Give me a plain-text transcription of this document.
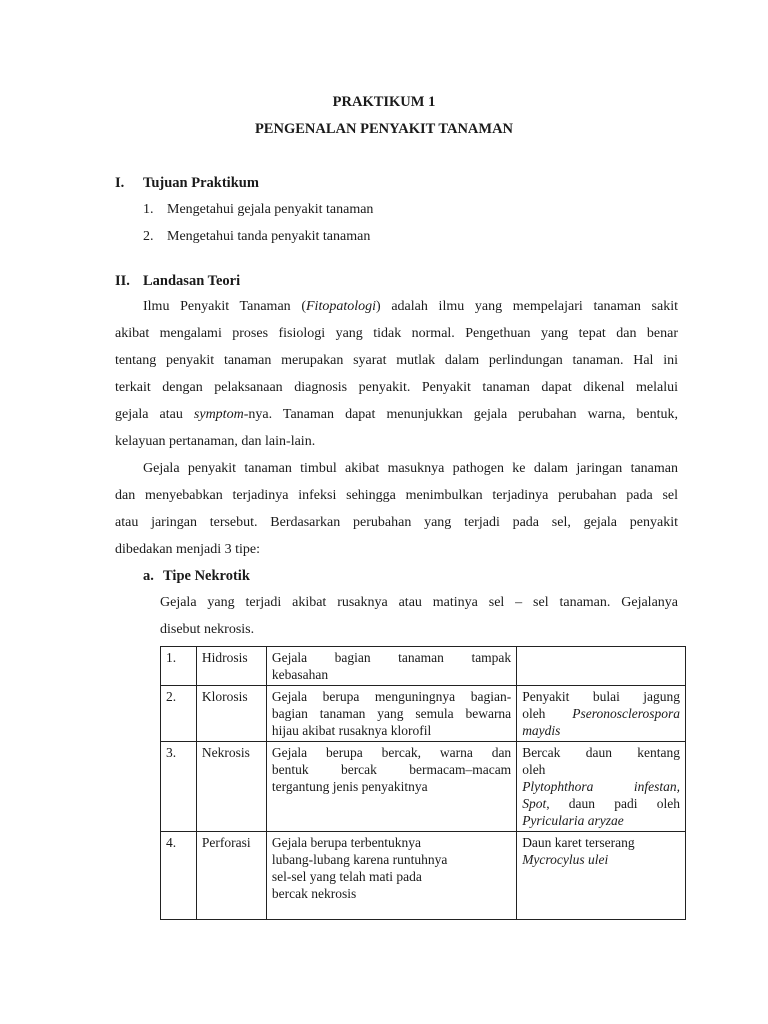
PRAKTIKUM 1
PENGENALAN PENYAKIT TANAMAN
I. Tujuan Praktikum
1. Mengetahui gejala penyakit tanaman
2. Mengetahui tanda penyakit tanaman
II. Landasan Teori
Ilmu Penyakit Tanaman (Fitopatologi) adalah ilmu yang mempelajari tanaman sakit
akibat mengalami proses fisiologi yang tidak normal. Pengethuan yang tepat dan benar
tentang penyakit tanaman merupakan syarat mutlak dalam perlindungan tanaman. Hal ini
terkait dengan pelaksanaan diagnosis penyakit. Penyakit tanaman dapat dikenal melalui
gejala atau symptom-nya. Tanaman dapat menunjukkan gejala perubahan warna, bentuk,
kelayuan pertanaman, dan lain-lain.
Gejala penyakit tanaman timbul akibat masuknya pathogen ke dalam jaringan tanaman
dan menyebabkan terjadinya infeksi sehingga menimbulkan terjadinya perubahan pada sel
atau jaringan tersebut. Berdasarkan perubahan yang terjadi pada sel, gejala penyakit
dibedakan menjadi 3 tipe:
a. Tipe Nekrotik
Gejala yang terjadi akibat rusaknya atau matinya sel – sel tanaman. Gejalanya
disebut nekrosis.
1.	Hidrosis	Gejala bagian tanaman tampak
kebasahan	

2.	Klorosis	Gejala berupa menguningnya bagian-
bagian tanaman yang semula bewarna
hijau akibat rusaknya klorofil	Penyakit bulai jagung
oleh Pseronosclerospora
maydis

3.	Nekrosis	Gejala berupa bercak, warna dan
bentuk bercak bermacam–macam
tergantung jenis penyakitnya	Bercak daun kentang
oleh
Plytophthora infestan,
Spot, daun padi oleh
Pyricularia aryzae

4.	Perforasi	Gejala berupa terbentuknya
lubang-lubang karena runtuhnya
sel-sel yang telah mati pada
bercak nekrosis	Daun karet terserang
Mycrocylus ulei
